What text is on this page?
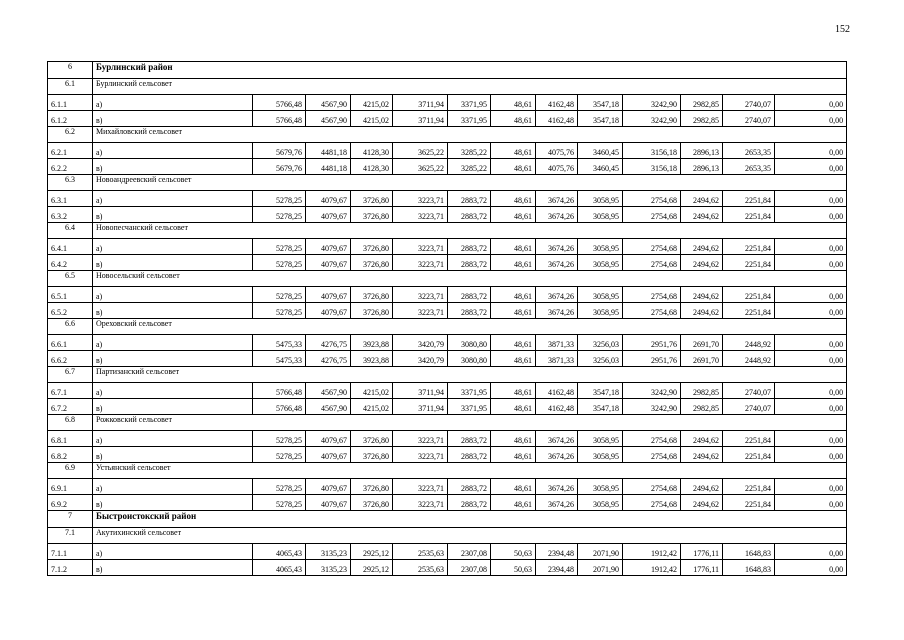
152
6	Бурлинский район												
6.1	Бурлинский сельсовет												
6.1.1	а)	5766,48	4567,90	4215,02	3711,94	3371,95	48,61	4162,48	3547,18	3242,90	2982,85	2740,07	0,00
6.1.2	в)	5766,48	4567,90	4215,02	3711,94	3371,95	48,61	4162,48	3547,18	3242,90	2982,85	2740,07	0,00
6.2	Михайловский сельсовет												
6.2.1	а)	5679,76	4481,18	4128,30	3625,22	3285,22	48,61	4075,76	3460,45	3156,18	2896,13	2653,35	0,00
6.2.2	в)	5679,76	4481,18	4128,30	3625,22	3285,22	48,61	4075,76	3460,45	3156,18	2896,13	2653,35	0,00
6.3	Новоандреевский сельсовет												
6.3.1	а)	5278,25	4079,67	3726,80	3223,71	2883,72	48,61	3674,26	3058,95	2754,68	2494,62	2251,84	0,00
6.3.2	в)	5278,25	4079,67	3726,80	3223,71	2883,72	48,61	3674,26	3058,95	2754,68	2494,62	2251,84	0,00
6.4	Новопесчанский сельсовет												
6.4.1	а)	5278,25	4079,67	3726,80	3223,71	2883,72	48,61	3674,26	3058,95	2754,68	2494,62	2251,84	0,00
6.4.2	в)	5278,25	4079,67	3726,80	3223,71	2883,72	48,61	3674,26	3058,95	2754,68	2494,62	2251,84	0,00
6.5	Новосельский сельсовет												
6.5.1	а)	5278,25	4079,67	3726,80	3223,71	2883,72	48,61	3674,26	3058,95	2754,68	2494,62	2251,84	0,00
6.5.2	в)	5278,25	4079,67	3726,80	3223,71	2883,72	48,61	3674,26	3058,95	2754,68	2494,62	2251,84	0,00
6.6	Ореховский сельсовет												
6.6.1	а)	5475,33	4276,75	3923,88	3420,79	3080,80	48,61	3871,33	3256,03	2951,76	2691,70	2448,92	0,00
6.6.2	в)	5475,33	4276,75	3923,88	3420,79	3080,80	48,61	3871,33	3256,03	2951,76	2691,70	2448,92	0,00
6.7	Партизанский сельсовет												
6.7.1	а)	5766,48	4567,90	4215,02	3711,94	3371,95	48,61	4162,48	3547,18	3242,90	2982,85	2740,07	0,00
6.7.2	в)	5766,48	4567,90	4215,02	3711,94	3371,95	48,61	4162,48	3547,18	3242,90	2982,85	2740,07	0,00
6.8	Рожковский сельсовет												
6.8.1	а)	5278,25	4079,67	3726,80	3223,71	2883,72	48,61	3674,26	3058,95	2754,68	2494,62	2251,84	0,00
6.8.2	в)	5278,25	4079,67	3726,80	3223,71	2883,72	48,61	3674,26	3058,95	2754,68	2494,62	2251,84	0,00
6.9	Устьянский сельсовет												
6.9.1	а)	5278,25	4079,67	3726,80	3223,71	2883,72	48,61	3674,26	3058,95	2754,68	2494,62	2251,84	0,00
6.9.2	в)	5278,25	4079,67	3726,80	3223,71	2883,72	48,61	3674,26	3058,95	2754,68	2494,62	2251,84	0,00
7	Быстроистокский район												
7.1	Акутихинский сельсовет												
7.1.1	а)	4065,43	3135,23	2925,12	2535,63	2307,08	50,63	2394,48	2071,90	1912,42	1776,11	1648,83	0,00
7.1.2	в)	4065,43	3135,23	2925,12	2535,63	2307,08	50,63	2394,48	2071,90	1912,42	1776,11	1648,83	0,00
